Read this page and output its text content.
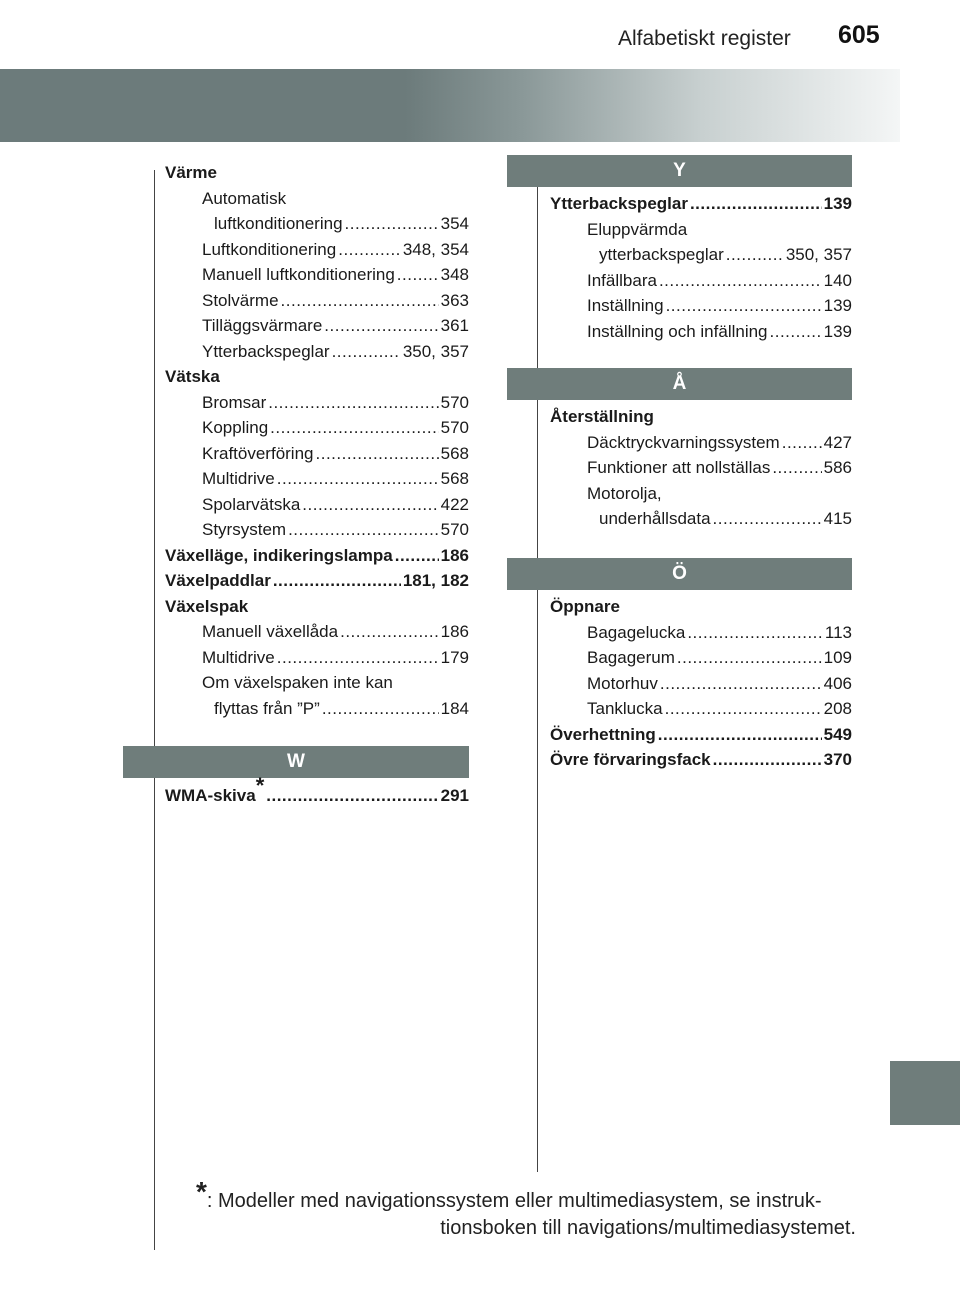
Alfabetiskt register 605
Värme
Automatisk
luftkonditionering .....	354
Luftkonditionering .....	348, 354
Manuell luftkonditionering .....	348
Stolvärme .....	363
Tilläggsvärmare .....	361
Ytterbackspeglar .....	350, 357
Vätska
Bromsar .....	570
Koppling .....	570
Kraftöverföring .....	568
Multidrive .....	568
Spolarvätska .....	422
Styrsystem .....	570
Växelläge, indikeringslampa .....	186
Växelpaddlar .....	181, 182
Växelspak
Manuell växellåda .....	186
Multidrive .....	179
Om växelspaken inte kan
flyttas från ”P” .....	184
W
WMA-skiva* .....	291
Y
Ytterbackspeglar .....	139
Eluppvärmda
ytterbackspeglar .....	350, 357
Infällbara .....	140
Inställning .....	139
Inställning och infällning .....	139
Å
Återställning
Däcktryckvarningssystem .....	427
Funktioner att nollställas .....	586
Motorolja,
underhållsdata .....	415
Ö
Öppnare
Bagagelucka .....	113
Bagagerum .....	109
Motorhuv .....	406
Tanklucka .....	208
Överhettning .....	549
Övre förvaringsfack .....	370
*: Modeller med navigationssystem eller multimediasystem, se instruk-
tionsboken till navigations/multimediasystemet.
